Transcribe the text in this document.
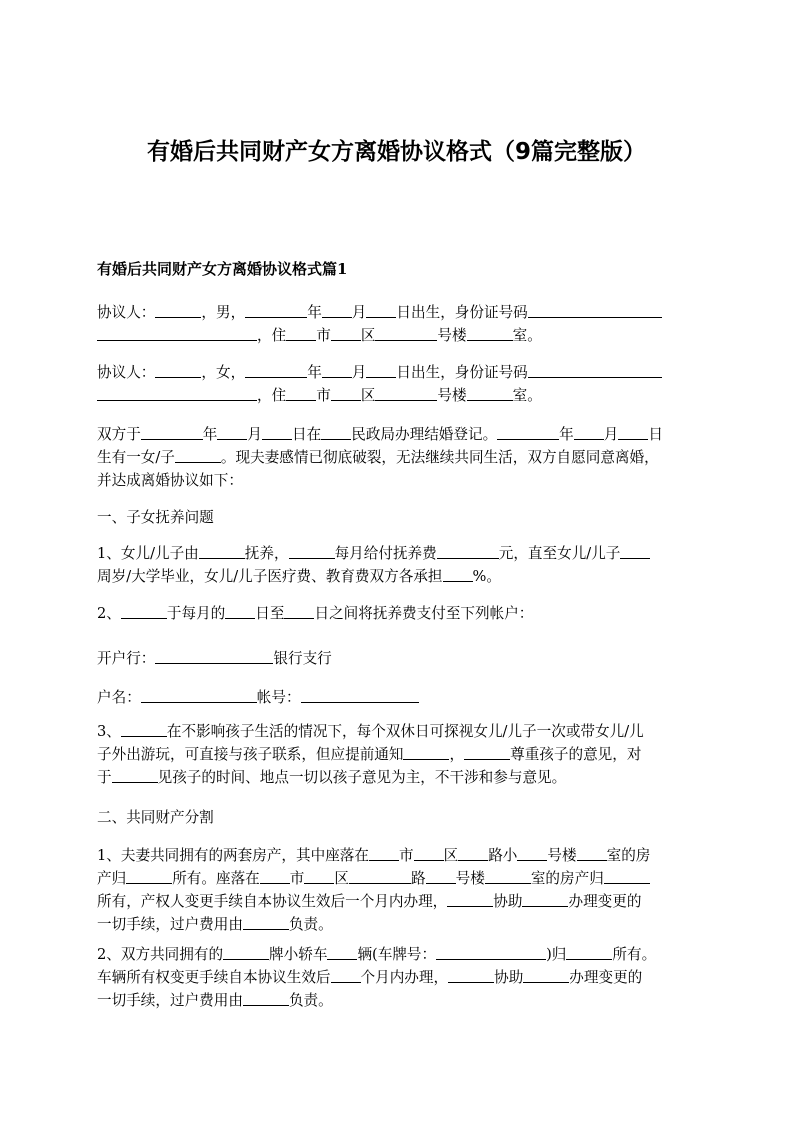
有婚后共同财产女方离婚协议格式（9篇完整版）
有婚后共同财产女方离婚协议格式篇1
协议人：	，男，	年 月 日出生，身份证号码
，住 市 区	号楼	室。
协议人：	，女，	年 月 日出生，身份证号码
，住 市 区	号楼	室。
双方于	年 月 日在 民政局办理结婚登记。	年 月 日
生有一女/子	。现夫妻感情已彻底破裂，无法继续共同生活，双方自愿同意离婚，
并达成离婚协议如下：
一、子女抚养问题
1、女儿/儿子由	抚养，	每月给付抚养费	元，直至女儿/儿子
周岁/大学毕业，女儿/儿子医疗费、教育费双方各承担 %。
2、	于每月的 日至 日之间将抚养费支付至下列帐户：
开户行：	银行支行
户名：	帐号：
3、	在不影响孩子生活的情况下，每个双休日可探视女儿/儿子一次或带女儿/儿
子外出游玩，可直接与孩子联系，但应提前通知	，	尊重孩子的意见，对
于	见孩子的时间、地点一切以孩子意见为主，不干涉和参与意见。
二、共同财产分割
1、夫妻共同拥有的两套房产，其中座落在 市 区 路小 号楼 室的房
产归	所有。座落在 市 区	路 号楼	室的房产归
所有，产权人变更手续自本协议生效后一个月内办理，	协助	办理变更的
一切手续，过户费用由	负责。
2、双方共同拥有的	牌小轿车 辆(车牌号：	)归	所有。
车辆所有权变更手续自本协议生效后 个月内办理，	协助	办理变更的
一切手续，过户费用由	负责。
